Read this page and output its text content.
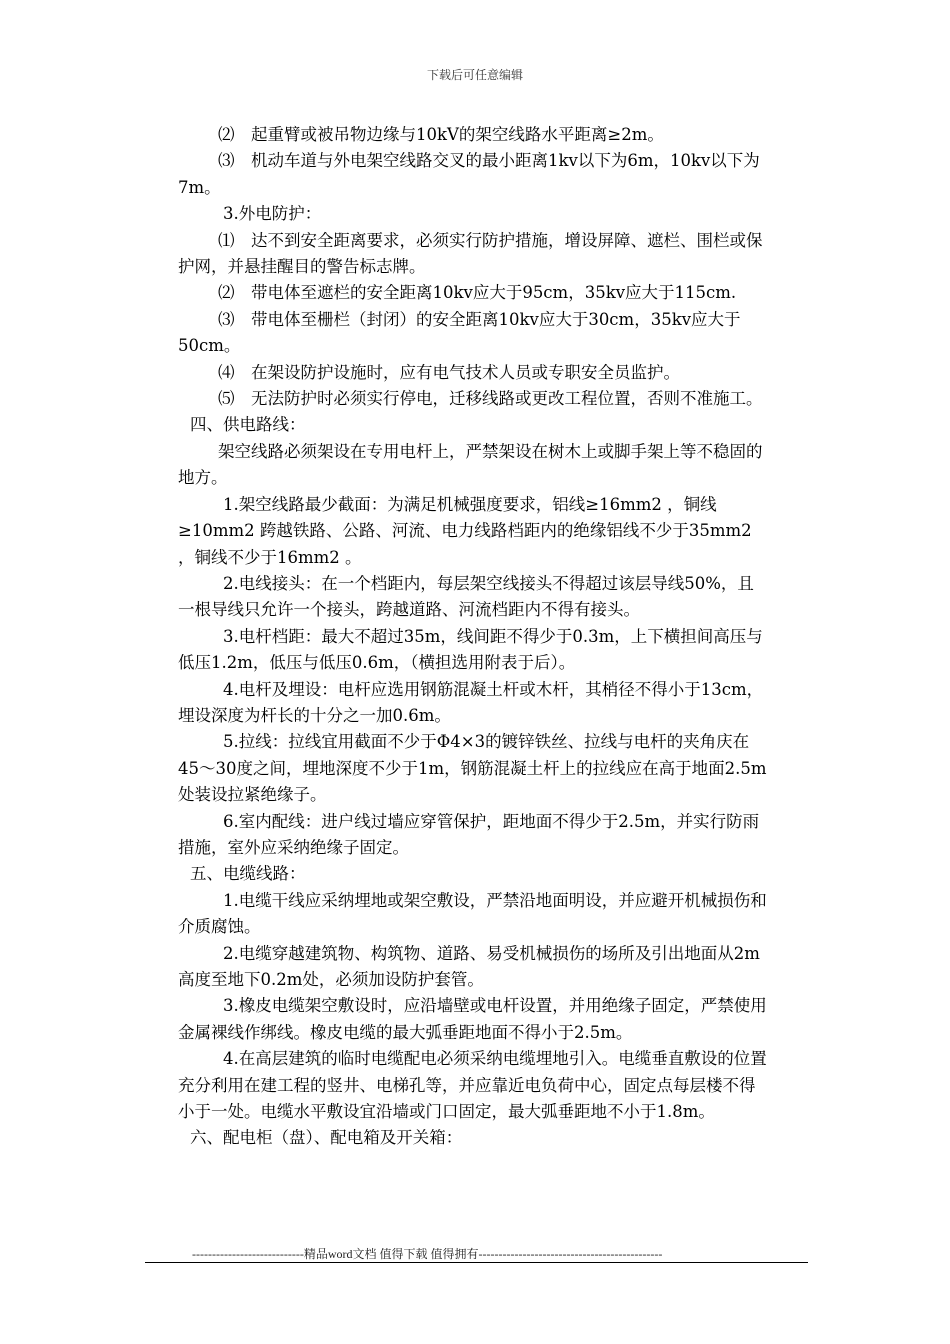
下载后可任意编辑

⑵　起重臂或被吊物边缘与10kV的架空线路水平距离≥2m。

⑶　机动车道与外电架空线路交叉的最小距离1kv以下为6m，10kv以下为7m。

3.外电防护：

⑴　达不到安全距离要求，必须实行防护措施，增设屏障、遮栏、围栏或保护网，并悬挂醒目的警告标志牌。

⑵　带电体至遮栏的安全距离10kv应大于95cm，35kv应大于115cm.

⑶　带电体至栅栏（封闭）的安全距离10kv应大于30cm，35kv应大于50cm。

⑷　在架设防护设施时，应有电气技术人员或专职安全员监护。

⑸　无法防护时必须实行停电，迁移线路或更改工程位置，否则不准施工。

四、供电路线：

架空线路必须架设在专用电杆上，严禁架设在树木上或脚手架上等不稳固的地方。

1.架空线路最少截面：为满足机械强度要求，铝线≥16mm2 ，铜线≥10mm2 跨越铁路、公路、河流、电力线路档距内的绝缘铝线不少于35mm2 ，铜线不少于16mm2 。

2.电线接头：在一个档距内，每层架空线接头不得超过该层导线50%，且一根导线只允许一个接头，跨越道路、河流档距内不得有接头。

3.电杆档距：最大不超过35m，线间距不得少于0.3m，上下横担间高压与低压1.2m，低压与低压0.6m，（横担选用附表于后）。

4.电杆及埋设：电杆应选用钢筋混凝土杆或木杆，其梢径不得小于13cm，埋设深度为杆长的十分之一加0.6m。

5.拉线：拉线宜用截面不少于Φ4×3的镀锌铁丝、拉线与电杆的夹角庆在45～30度之间，埋地深度不少于1m，钢筋混凝土杆上的拉线应在高于地面2.5m处装设拉紧绝缘子。

6.室内配线：进户线过墙应穿管保护，距地面不得少于2.5m，并实行防雨措施，室外应采纳绝缘子固定。

五、电缆线路：

1.电缆干线应采纳埋地或架空敷设，严禁沿地面明设，并应避开机械损伤和介质腐蚀。

2.电缆穿越建筑物、构筑物、道路、易受机械损伤的场所及引出地面从2m高度至地下0.2m处，必须加设防护套管。

3.橡皮电缆架空敷设时，应沿墙壁或电杆设置，并用绝缘子固定，严禁使用金属裸线作绑线。橡皮电缆的最大弧垂距地面不得小于2.5m。

4.在高层建筑的临时电缆配电必须采纳电缆埋地引入。电缆垂直敷设的位置充分利用在建工程的竖井、电梯孔等，并应靠近电负荷中心，固定点每层楼不得小于一处。电缆水平敷设宜沿墙或门口固定，最大弧垂距地不小于1.8m。

六、配电柜（盘）、配电箱及开关箱：

----------------------------精品word文档 值得下载 值得拥有----------------------------------------------
